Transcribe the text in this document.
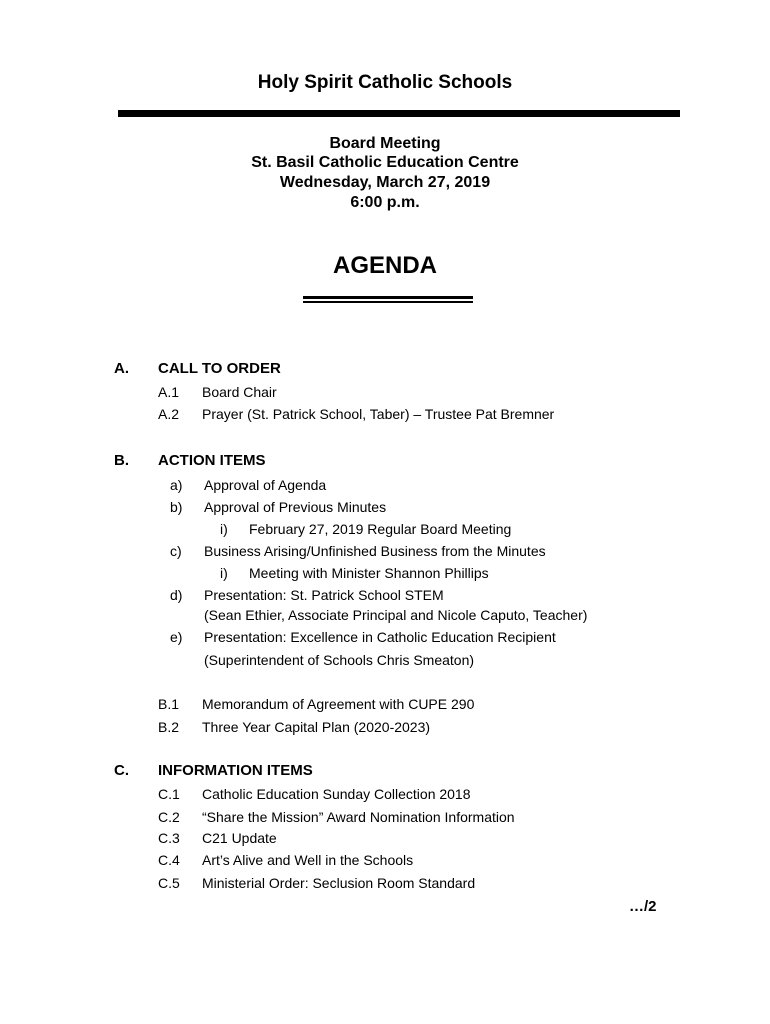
Holy Spirit Catholic Schools
Board Meeting
St. Basil Catholic Education Centre
Wednesday, March 27, 2019
6:00 p.m.
AGENDA
A. CALL TO ORDER
A.1 Board Chair
A.2 Prayer (St. Patrick School, Taber) – Trustee Pat Bremner
B. ACTION ITEMS
a) Approval of Agenda
b) Approval of Previous Minutes
i) February 27, 2019 Regular Board Meeting
c) Business Arising/Unfinished Business from the Minutes
i) Meeting with Minister Shannon Phillips
d) Presentation: St. Patrick School STEM
(Sean Ethier, Associate Principal and Nicole Caputo, Teacher)
e) Presentation: Excellence in Catholic Education Recipient
(Superintendent of Schools Chris Smeaton)
B.1 Memorandum of Agreement with CUPE 290
B.2 Three Year Capital Plan (2020-2023)
C. INFORMATION ITEMS
C.1 Catholic Education Sunday Collection 2018
C.2 “Share the Mission” Award Nomination Information
C.3 C21 Update
C.4 Art’s Alive and Well in the Schools
C.5 Ministerial Order: Seclusion Room Standard
…/2
